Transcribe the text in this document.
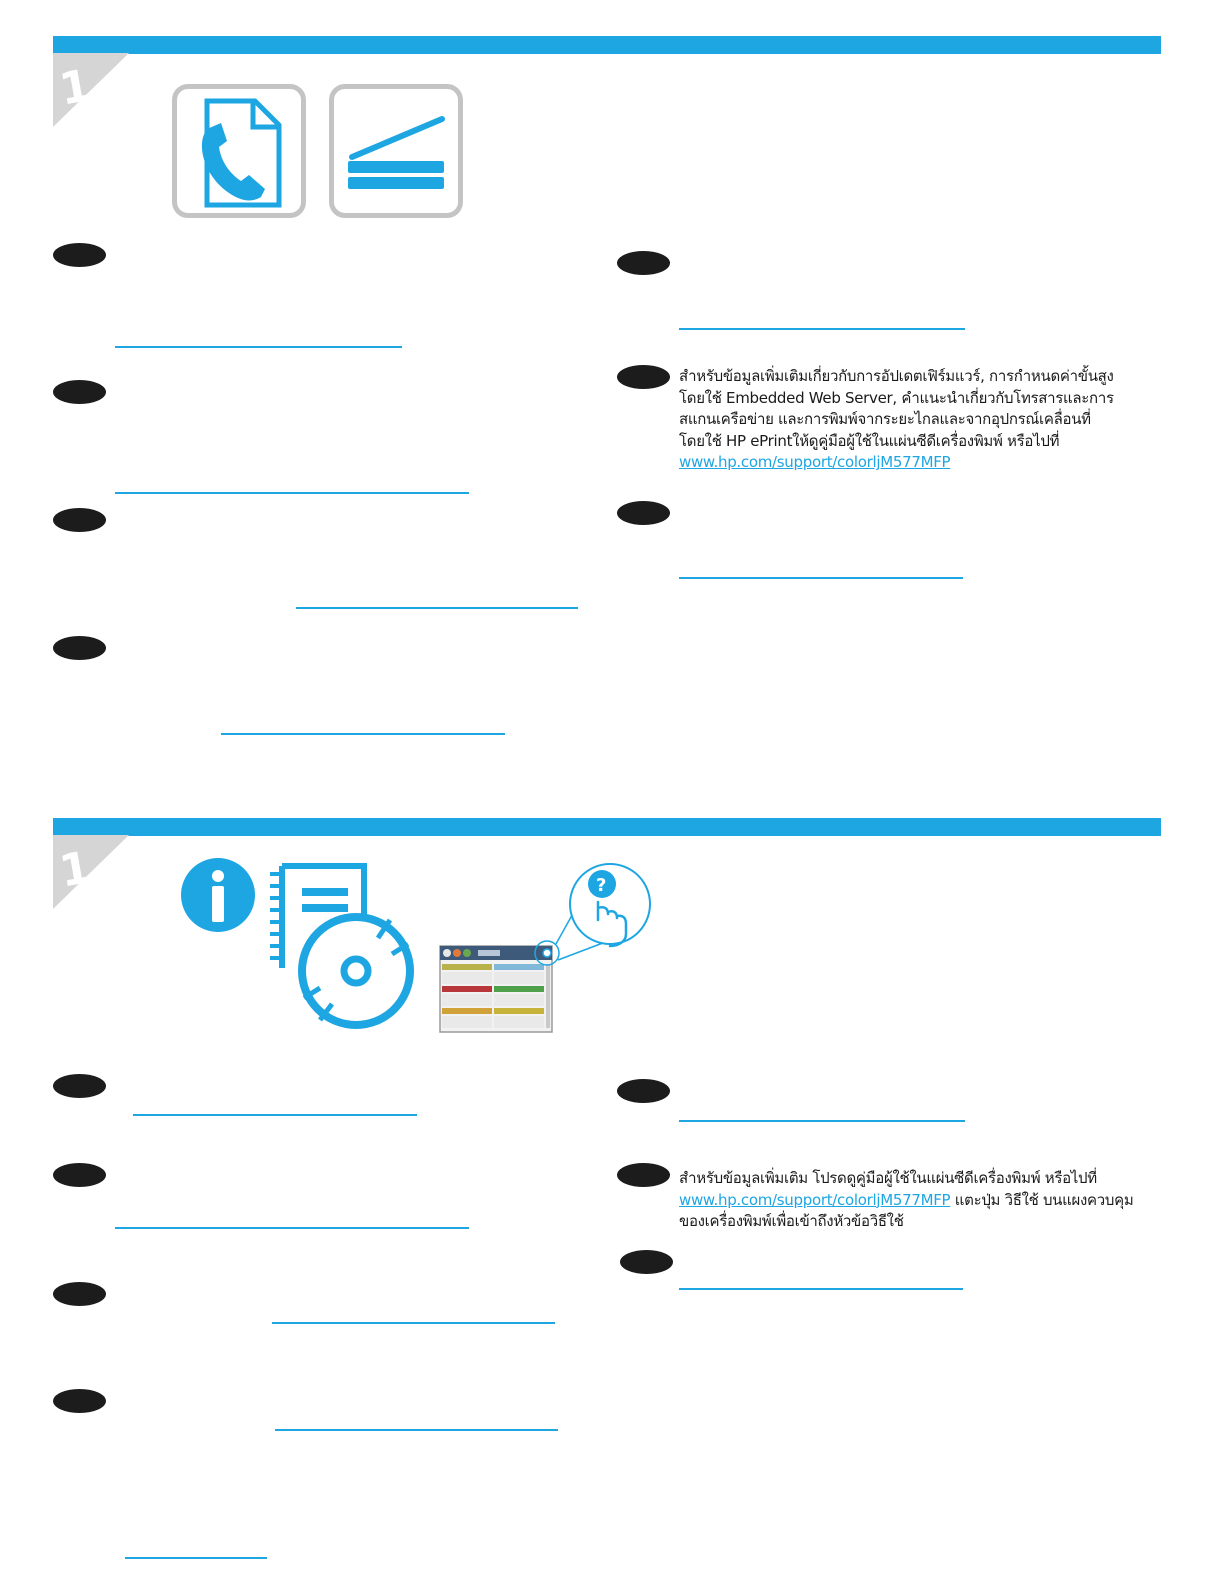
1
สำหรับข้อมูลเพิ่มเติมเกี่ยวกับการอัปเดตเฟิร์มแวร์, การกำหนดค่าขั้นสูง
โดยใช้ Embedded Web Server, คำแนะนำเกี่ยวกับโทรสารและการ
สแกนเครือข่าย และการพิมพ์จากระยะไกลและจากอุปกรณ์เคลื่อนที่
โดยใช้ HP ePrintให้ดูคู่มือผู้ใช้ในแผ่นซีดีเครื่องพิมพ์ หรือไปที่
www.hp.com/support/colorljM577MFP
1	?
สำหรับข้อมูลเพิ่มเติม โปรดดูคู่มือผู้ใช้ในแผ่นซีดีเครื่องพิมพ์ หรือไปที่
www.hp.com/support/colorljM577MFP แตะปุ่ม วิธีใช้ บนแผงควบคุม
ของเครื่องพิมพ์เพื่อเข้าถึงหัวข้อวิธีใช้
